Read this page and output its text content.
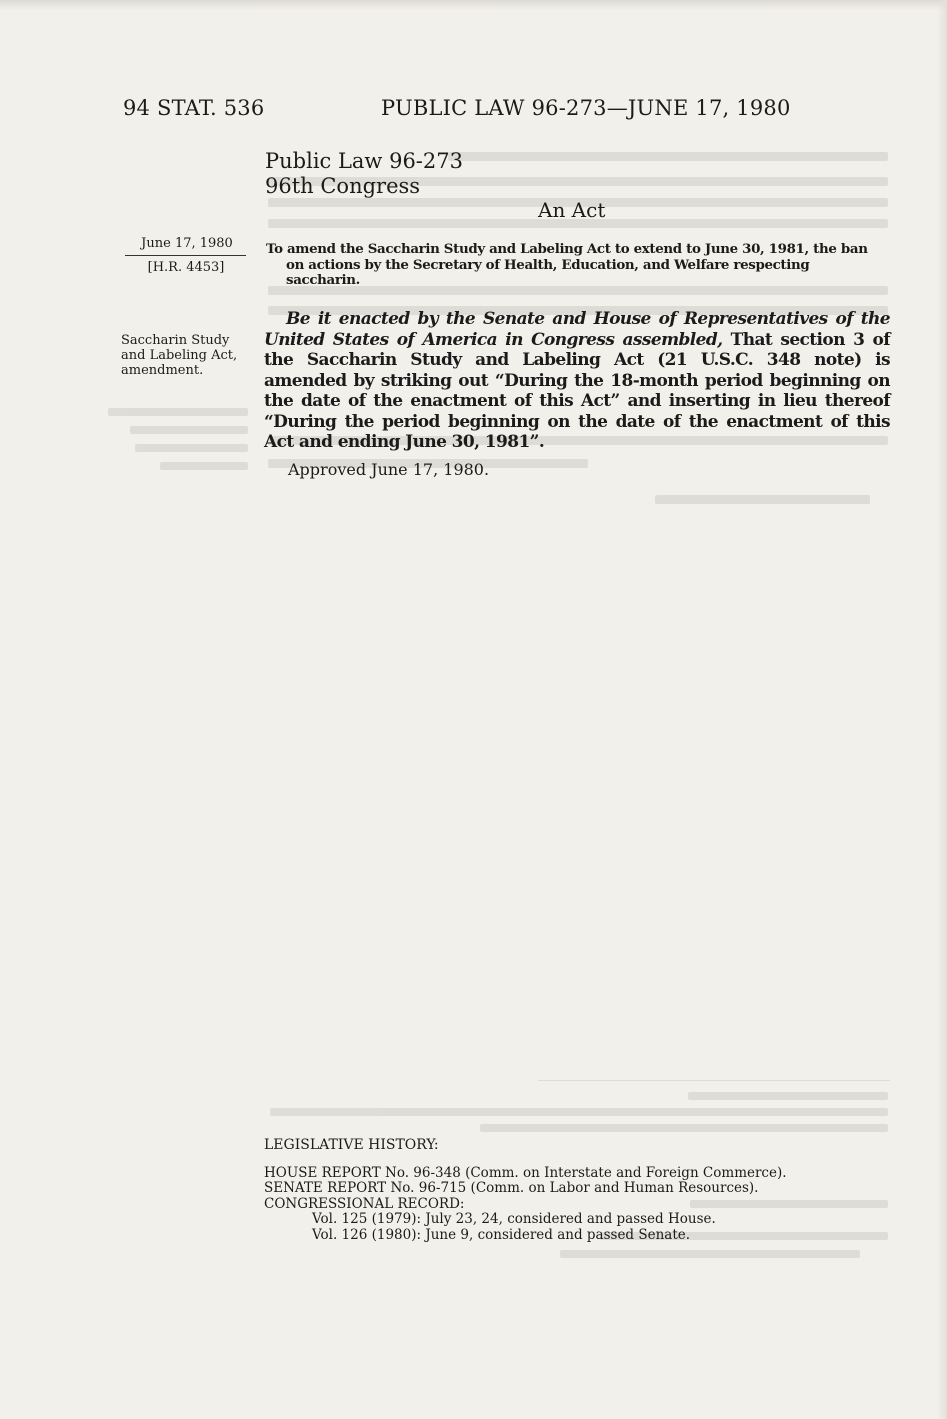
94 STAT. 536	PUBLIC LAW 96-273—JUNE 17, 1980
Public Law 96-273
96th Congress
An Act
June 17, 1980
[H.R. 4453]
To amend the Saccharin Study and Labeling Act to extend to June 30, 1981, the ban
on actions by the Secretary of Health, Education, and Welfare respecting
saccharin.
Saccharin Study
and Labeling Act,
amendment.
Be it enacted by the Senate and House of Representatives of the United States of America in Congress assembled, That section 3 of the Saccharin Study and Labeling Act (21 U.S.C. 348 note) is amended by striking out “During the 18-month period beginning on the date of the enactment of this Act” and inserting in lieu thereof “During the period beginning on the date of the enactment of this Act and ending June 30, 1981”.
Approved June 17, 1980.
LEGISLATIVE HISTORY:
HOUSE REPORT No. 96-348 (Comm. on Interstate and Foreign Commerce).
SENATE REPORT No. 96-715 (Comm. on Labor and Human Resources).
CONGRESSIONAL RECORD:
Vol. 125 (1979): July 23, 24, considered and passed House.
Vol. 126 (1980): June 9, considered and passed Senate.
